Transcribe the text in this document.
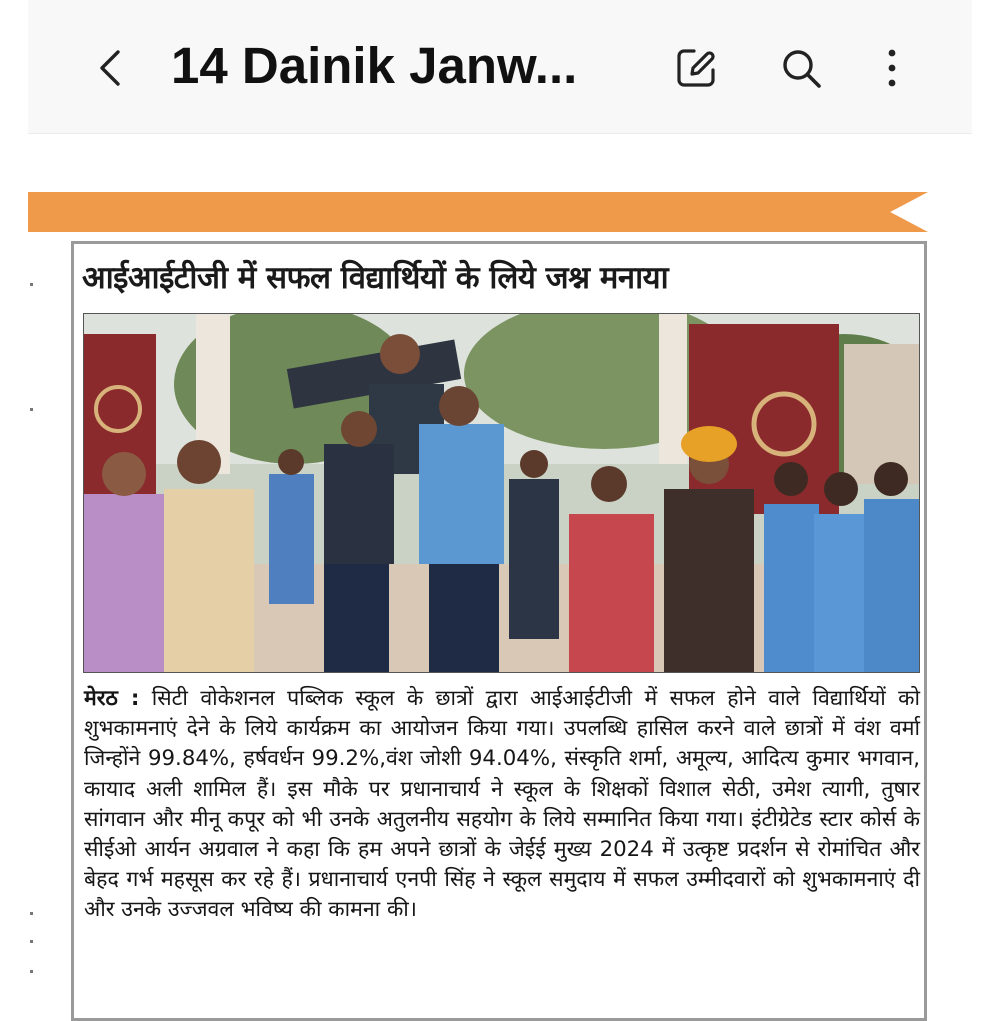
14 Dainik Janw...
आईआईटीजी में सफल विद्यार्थियों के लिये जश्न मनाया
मेरठ : सिटी वोकेशनल पब्लिक स्कूल के छात्रों द्वारा आईआईटीजी में सफल होने वाले विद्यार्थियों को शुभकामनाएं देने के लिये कार्यक्रम का आयोजन किया गया। उपलब्धि हासिल करने वाले छात्रों में वंश वर्मा जिन्होंने 99.84%, हर्षवर्धन 99.2%,वंश जोशी 94.04%, संस्कृति शर्मा, अमूल्य, आदित्य कुमार भगवान, कायाद अली शामिल हैं। इस मौके पर प्रधानाचार्य ने स्कूल के शिक्षकों विशाल सेठी, उमेश त्यागी, तुषार सांगवान और मीनू कपूर को भी उनके अतुलनीय सहयोग के लिये सम्मानित किया गया। इंटीग्रेटेड स्टार कोर्स के सीईओ आर्यन अग्रवाल ने कहा कि हम अपने छात्रों के जेईई मुख्य 2024 में उत्कृष्ट प्रदर्शन से रोमांचित और बेहद गर्भ महसूस कर रहे हैं। प्रधानाचार्य एनपी सिंह ने स्कूल समुदाय में सफल उम्मीदवारों को शुभकामनाएं दी और उनके उज्जवल भविष्य की कामना की।
